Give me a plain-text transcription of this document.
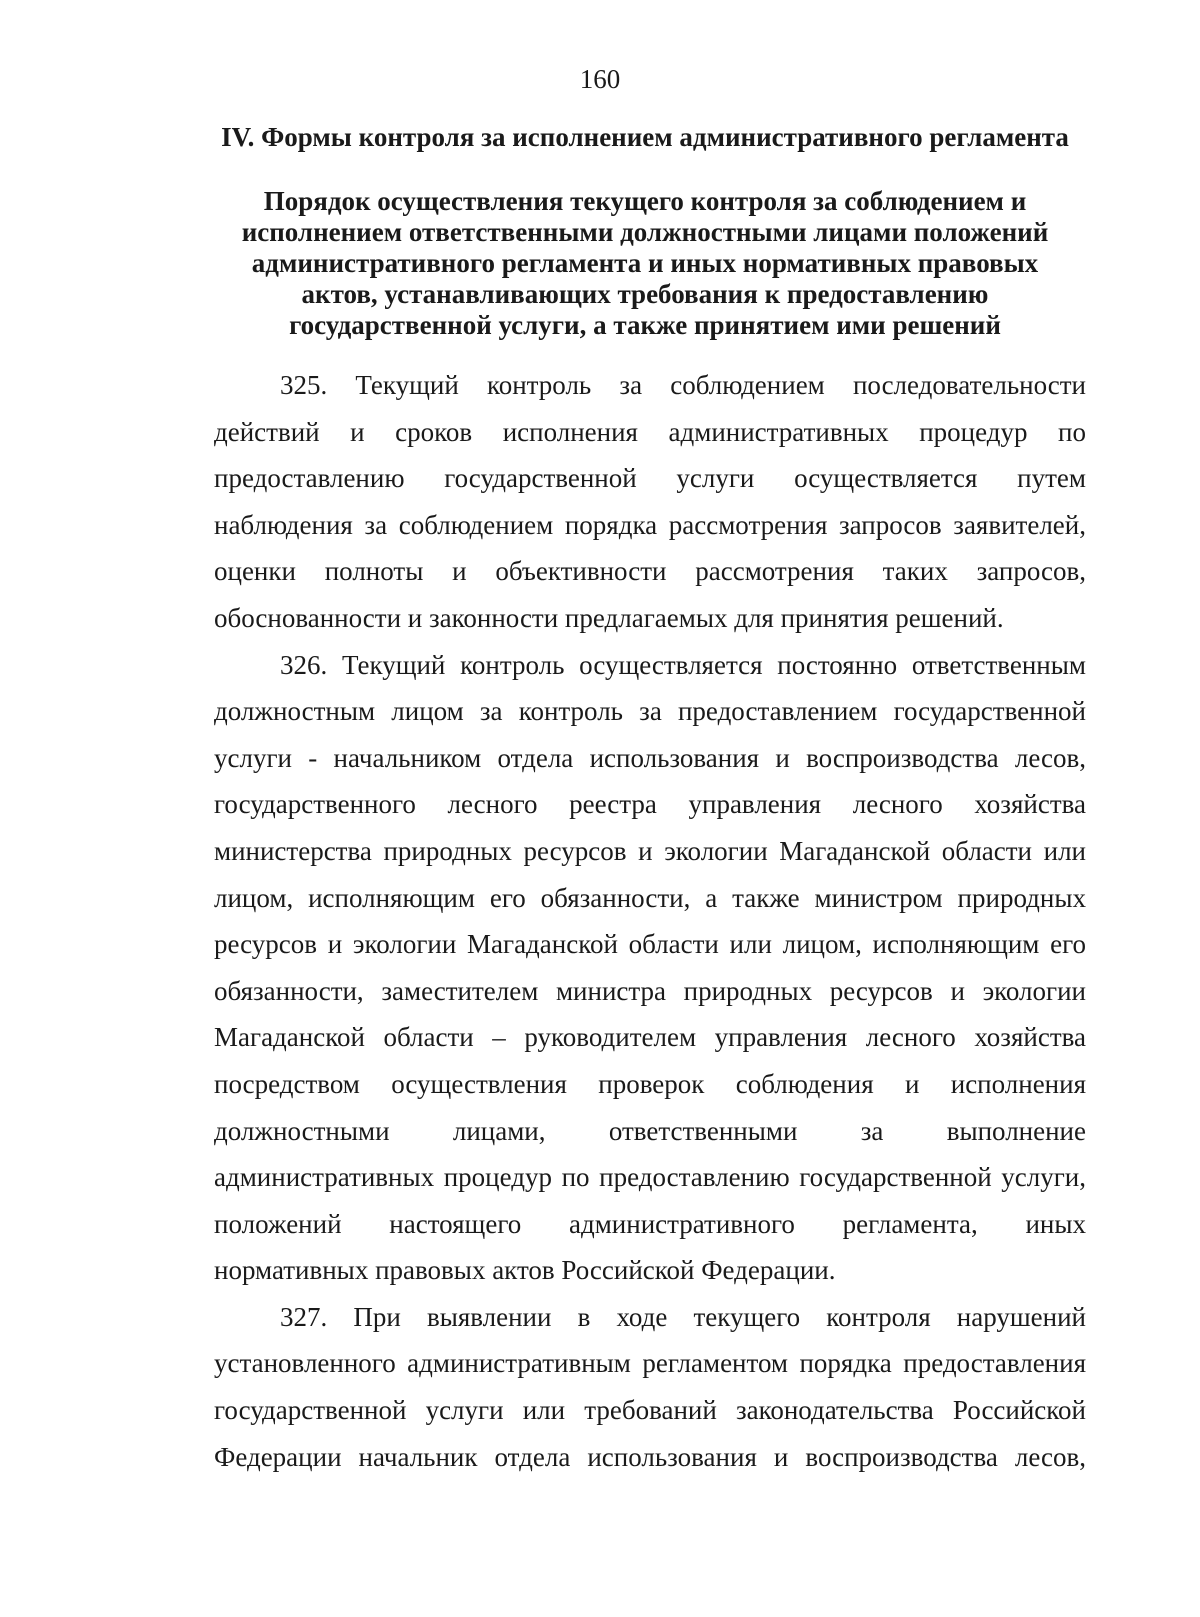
160
IV. Формы контроля за исполнением административного регламента
Порядок осуществления текущего контроля за соблюдением и
исполнением ответственными должностными лицами положений
административного регламента и иных нормативных правовых
актов, устанавливающих требования к предоставлению
государственной услуги, а также принятием ими решений
325. Текущий контроль за соблюдением последовательности
действий и сроков исполнения административных процедур по
предоставлению государственной услуги осуществляется путем
наблюдения за соблюдением порядка рассмотрения запросов заявителей,
оценки полноты и объективности рассмотрения таких запросов,
обоснованности и законности предлагаемых для принятия решений.
326. Текущий контроль осуществляется постоянно ответственным
должностным лицом за контроль за предоставлением государственной
услуги - начальником отдела использования и воспроизводства лесов,
государственного лесного реестра управления лесного хозяйства
министерства природных ресурсов и экологии Магаданской области или
лицом, исполняющим его обязанности, а также министром природных
ресурсов и экологии Магаданской области или лицом, исполняющим его
обязанности, заместителем министра природных ресурсов и экологии
Магаданской области – руководителем управления лесного хозяйства
посредством осуществления проверок соблюдения и исполнения
должностными лицами, ответственными за выполнение
административных процедур по предоставлению государственной услуги,
положений настоящего административного регламента, иных
нормативных правовых актов Российской Федерации.
327. При выявлении в ходе текущего контроля нарушений
установленного административным регламентом порядка предоставления
государственной услуги или требований законодательства Российской
Федерации начальник отдела использования и воспроизводства лесов,
